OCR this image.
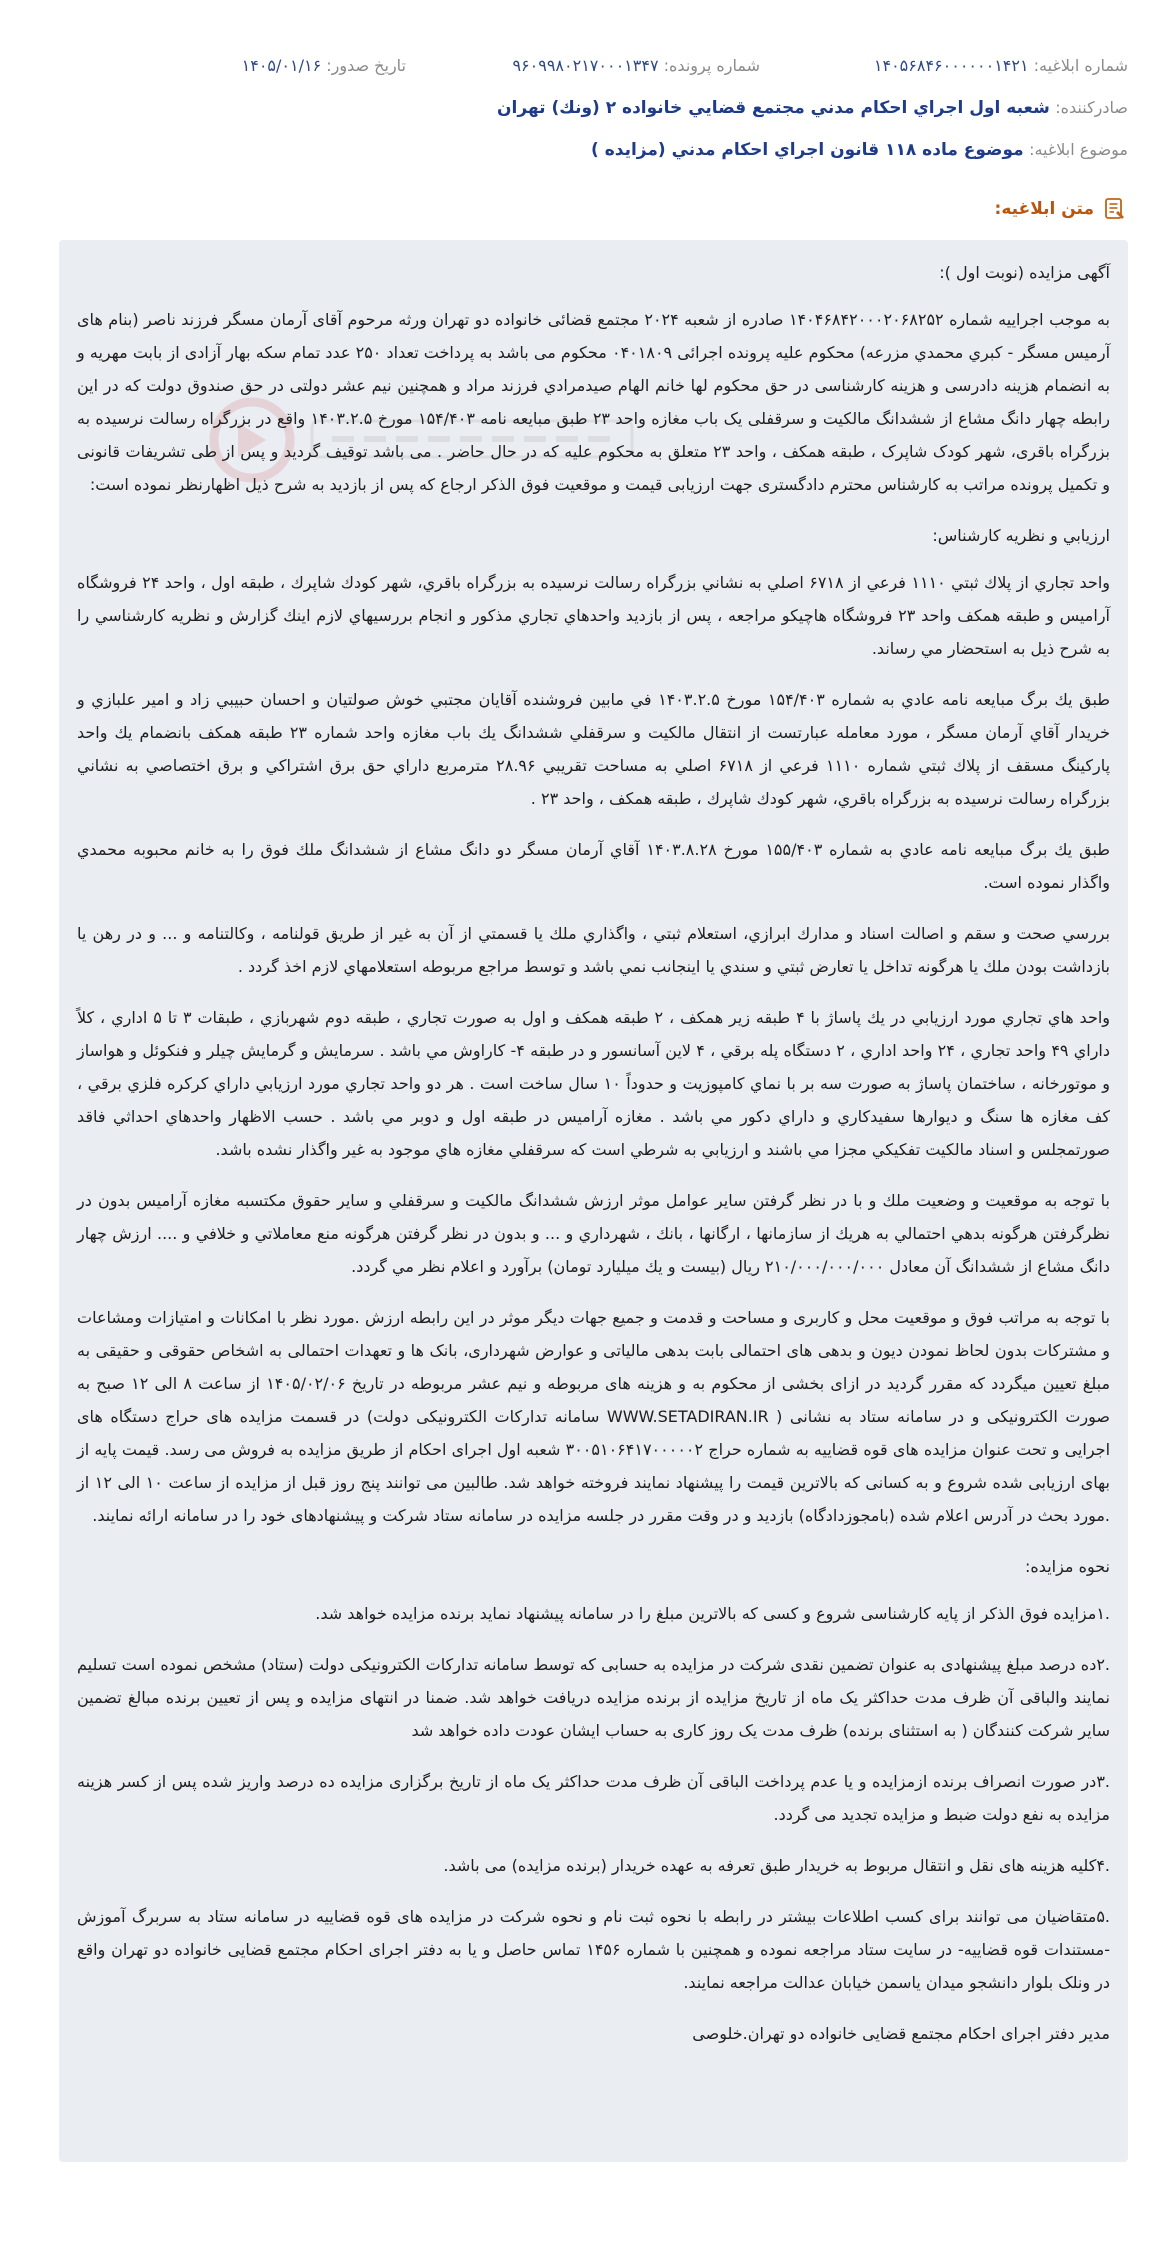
شماره ابلاغيه: ۱۴۰۵۶۸۴۶۰۰۰۰۰۰۱۴۲۱
شماره پرونده: ۹۶۰۹۹۸۰۲۱۷۰۰۰۱۳۴۷
تاريخ صدور: ۱۴۰۵/۰۱/۱۶
صادرکننده: شعبه اول اجراي احكام مدني مجتمع قضايي خانواده ۲ (ونك) تهران
موضوع ابلاغيه: موضوع ماده ۱۱۸ قانون اجراي احكام مدني (مزايده )
متن ابلاغيه:

آگهی مزایده (نوبت اول ):

به موجب اجراییه شماره ۱۴۰۴۶۸۴۲۰۰۰۲۰۶۸۲۵۲ صادره از شعبه ۲۰۲۴ مجتمع قضائی خانواده دو تهران ورثه مرحوم آقای آرمان مسگر فرزند ناصر (بنام های آرمیس مسگر - كبري محمدي مزرعه) محکوم علیه پرونده اجرائی ۰۴۰۱۸۰۹ محکوم می باشد به پرداخت تعداد ۲۵۰ عدد تمام سکه بهار آزادی از بابت مهریه و به انضمام هزینه دادرسی و هزینه کارشناسی در حق محکوم لها خانم الهام صيدمرادي فرزند مراد و همچنین نیم عشر دولتی در حق صندوق دولت که در این رابطه چهار دانگ مشاع از ششدانگ مالکیت و سرقفلی یک باب مغازه واحد ۲۳ طبق مبایعه نامه ۱۵۴/۴۰۳ مورخ ۱۴۰۳.۲.۵ واقع در بزرگراه رسالت نرسیده به بزرگراه باقری، شهر کودک شاپرک ، طبقه همکف ، واحد ۲۳ متعلق به محکوم علیه که در حال حاضر . می باشد توقیف گردید و پس از طی تشریفات قانونی و تکمیل پرونده مراتب به کارشناس محترم دادگستری جهت ارزیابی قیمت و موقعیت فوق الذکر ارجاع که پس از بازدید به شرح ذیل اظهارنظر نموده است:

ارزيابي و نظريه كارشناس:

واحد تجاري از پلاك ثبتي ۱۱۱۰ فرعي از ۶۷۱۸ اصلي به نشاني بزرگراه رسالت نرسيده به بزرگراه باقري، شهر كودك شاپرك ، طبقه اول ، واحد ۲۴ فروشگاه آراميس و طبقه همكف واحد ۲۳ فروشگاه هاچيكو مراجعه ، پس از بازديد واحدهاي تجاري مذكور و انجام بررسيهاي لازم اينك گزارش و نظريه كارشناسي را به شرح ذيل به استحضار مي رساند.

طبق يك برگ مبايعه نامه عادي به شماره ۱۵۴/۴۰۳ مورخ ۱۴۰۳.۲.۵ في مابين فروشنده آقايان مجتبي خوش صولتيان و احسان حبيبي زاد و امير علبازي و خريدار آقاي آرمان مسگر ، مورد معامله عبارتست از انتقال مالكيت و سرقفلي ششدانگ يك باب مغازه واحد شماره ۲۳ طبقه همكف بانضمام يك واحد پاركينگ مسقف از پلاك ثبتي شماره ۱۱۱۰ فرعي از ۶۷۱۸ اصلي به مساحت تقريبي ۲۸.۹۶ مترمربع داراي حق برق اشتراكي و برق اختصاصي به نشاني بزرگراه رسالت نرسيده به بزرگراه باقري، شهر كودك شاپرك ، طبقه همكف ، واحد ۲۳ .

طبق يك برگ مبايعه نامه عادي به شماره ۱۵۵/۴۰۳ مورخ ۱۴۰۳.۸.۲۸ آقاي آرمان مسگر دو دانگ مشاع از ششدانگ ملك فوق را به خانم محبوبه محمدي واگذار نموده است.

بررسي صحت و سقم و اصالت اسناد و مدارك ابرازي، استعلام ثبتي ، واگذاري ملك يا قسمتي از آن به غير از طريق قولنامه ، وكالتنامه و ... و در رهن يا بازداشت بودن ملك يا هرگونه تداخل يا تعارض ثبتي و سندي يا اينجانب نمي باشد و توسط مراجع مربوطه استعلامهاي لازم اخذ گردد .

واحد هاي تجاري مورد ارزيابي در يك پاساژ با ۴ طبقه زير همكف ، ۲ طبقه همكف و اول به صورت تجاري ، طبقه دوم شهربازي ، طبقات ۳ تا ۵ اداري ، كلاً داراي ۴۹ واحد تجاري ، ۲۴ واحد اداري ، ۲ دستگاه پله برقي ، ۴ لاين آسانسور و در طبقه ۴- كاراوش مي باشد . سرمايش و گرمايش چيلر و فنكوئل و هواساز و موتورخانه ، ساختمان پاساژ به صورت سه بر با نماي كامپوزيت و حدوداً ۱۰ سال ساخت است . هر دو واحد تجاري مورد ارزيابي داراي كركره فلزي برقي ، كف مغازه ها سنگ و ديوارها سفيدكاري و داراي دكور مي باشد . مغازه آراميس در طبقه اول و دوبر مي باشد . حسب الاظهار واحدهاي احداثي فاقد صورتمجلس و اسناد مالكيت تفكيكي مجزا مي باشند و ارزيابي به شرطي است كه سرقفلي مغازه هاي موجود به غير واگذار نشده باشد.

با توجه به موقعيت و وضعيت ملك و با در نظر گرفتن ساير عوامل موثر ارزش ششدانگ مالكيت و سرقفلي و ساير حقوق مكتسبه مغازه آراميس بدون در نظرگرفتن هرگونه بدهي احتمالي به هريك از سازمانها ، ارگانها ، بانك ، شهرداري و ... و بدون در نظر گرفتن هرگونه منع معاملاتي و خلافي و .... ارزش چهار دانگ مشاع از ششدانگ آن معادل ۲۱۰/۰۰۰/۰۰۰/۰۰۰ ريال (بيست و يك ميليارد تومان) برآورد و اعلام نظر مي گردد.

با توجه به مراتب فوق و موقعیت محل و کاربری و مساحت و قدمت و جمیع جهات دیگر موثر در این رابطه ارزش .مورد نظر با امکانات و امتیازات ومشاعات و مشترکات بدون لحاظ نمودن دیون و بدهی های احتمالی بابت بدهی مالیاتی و عوارض شهرداری، بانک ها و تعهدات احتمالی به اشخاص حقوقی و حقیقی به مبلغ تعیین میگردد که مقرر گردید در ازای بخشی از محکوم به و هزینه های مربوطه و نیم عشر مربوطه در تاریخ ۱۴۰۵/۰۲/۰۶ از ساعت ۸ الی ۱۲ صبح به صورت الکترونیکی و در سامانه ستاد به نشانی ( WWW.SETADIRAN.IR سامانه تدارکات الکترونیکی دولت) در قسمت مزایده های حراج دستگاه های اجرایی و تحت عنوان مزایده های قوه قضاییه به شماره حراج ۳۰۰۵۱۰۶۴۱۷۰۰۰۰۰۲ شعبه اول اجرای احکام از طریق مزایده به فروش می رسد. قیمت پایه از بهای ارزیابی شده شروع و به کسانی که بالاترین قیمت را پیشنهاد نمایند فروخته خواهد شد. طالبین می توانند پنج روز قبل از مزایده از ساعت ۱۰ الی ۱۲ از .مورد بحث در آدرس اعلام شده (بامجوزدادگاه) بازدید و در وقت مقرر در جلسه مزایده در سامانه ستاد شرکت و پیشنهادهای خود را در سامانه ارائه نمایند.

نحوه مزایده:

.۱مزایده فوق الذکر از پایه کارشناسی شروع و کسی که بالاترین مبلغ را در سامانه پیشنهاد نماید برنده مزایده خواهد شد.

.۲ده درصد مبلغ پیشنهادی به عنوان تضمین نقدی شرکت در مزایده به حسابی که توسط سامانه تدارکات الکترونیکی دولت (ستاد) مشخص نموده است تسلیم نمایند والباقی آن ظرف مدت حداکثر یک ماه از تاریخ مزایده از برنده مزایده دریافت خواهد شد. ضمنا در انتهای مزایده و پس از تعیین برنده مبالغ تضمین سایر شرکت کنندگان ( به استثنای برنده) ظرف مدت یک روز کاری به حساب ایشان عودت داده خواهد شد

.۳در صورت انصراف برنده ازمزایده و یا عدم پرداخت الباقی آن ظرف مدت حداکثر یک ماه از تاریخ برگزاری مزایده ده درصد واریز شده پس از کسر هزینه مزایده به نفع دولت ضبط و مزایده تجدید می گردد.

.۴کلیه هزینه های نقل و انتقال مربوط به خریدار طبق تعرفه به عهده خریدار (برنده مزایده) می باشد.

.۵متقاضیان می توانند برای کسب اطلاعات بیشتر در رابطه با نحوه ثبت نام و نحوه شرکت در مزایده های قوه قضاییه در سامانه ستاد به سربرگ آموزش -مستندات قوه قضاییه- در سایت ستاد مراجعه نموده و همچنین با شماره ۱۴۵۶ تماس حاصل و یا به دفتر اجرای احکام مجتمع قضایی خانواده دو تهران واقع در ونلک بلوار دانشجو میدان یاسمن خیابان عدالت مراجعه نمایند.

مدیر دفتر اجرای احکام مجتمع قضایی خانواده دو تهران.خلوصی
